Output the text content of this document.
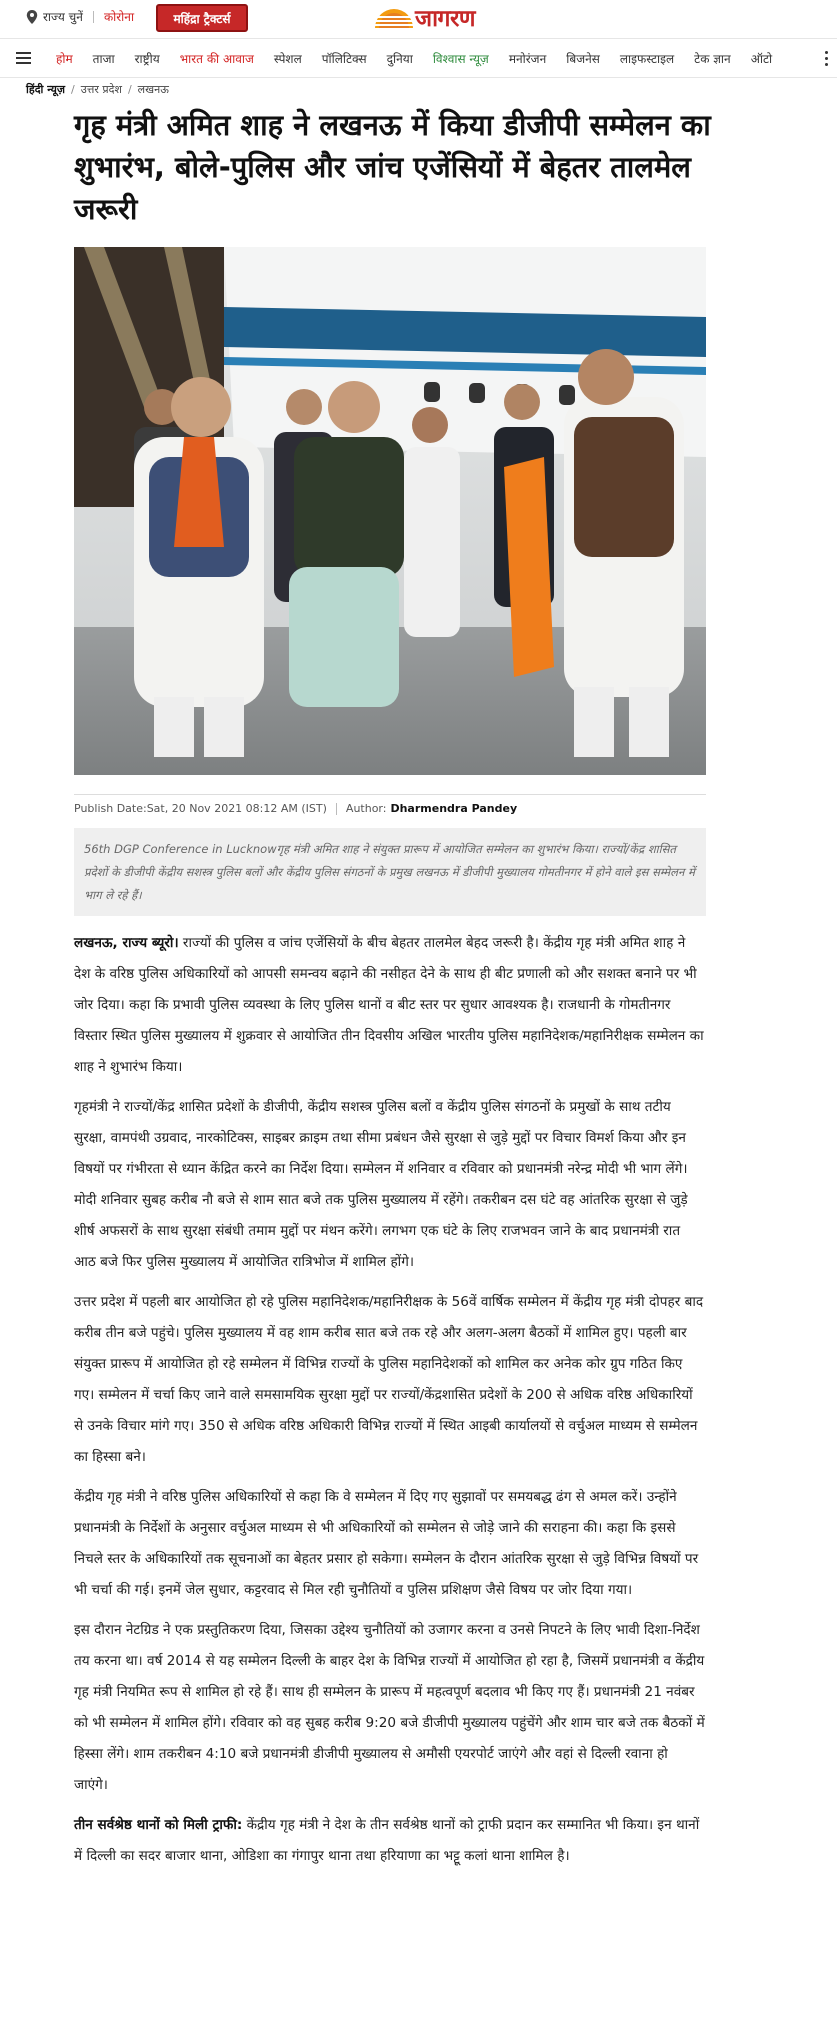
राज्य चुनें कोरोना	महिंद्रा ट्रैक्टर्स	जागरण
होम	ताजा	राष्ट्रीय	भारत की आवाज	स्पेशल	पॉलिटिक्स	दुनिया	विश्वास न्यूज़	मनोरंजन	बिजनेस	लाइफस्टाइल	टेक ज्ञान	ऑटो
हिंदी न्यूज़ / उत्तर प्रदेश / लखनऊ
गृह मंत्री अमित शाह ने लखनऊ में किया डीजीपी सम्मेलन का शुभारंभ, बोले-पुलिस और जांच एजेंसियों में बेहतर तालमेल जरूरी
Publish Date:Sat, 20 Nov 2021 08:12 AM (IST) Author: Dharmendra Pandey
56th DGP Conference in Lucknowगृह मंत्री अमित शाह ने संयुक्त प्रारूप में आयोजित सम्मेलन का शुभारंभ किया। राज्यों/केंद्र शासित प्रदेशों के डीजीपी केंद्रीय सशस्त्र पुलिस बलों और केंद्रीय पुलिस संगठनों के प्रमुख लखनऊ में डीजीपी मुख्यालय गोमतीनगर में होने वाले इस सम्मेलन में भाग ले रहे हैं।

लखनऊ, राज्य ब्यूरो। राज्यों की पुलिस व जांच एजेंसियों के बीच बेहतर तालमेल बेहद जरूरी है। केंद्रीय गृह मंत्री अमित शाह ने देश के वरिष्ठ पुलिस अधिकारियों को आपसी समन्वय बढ़ाने की नसीहत देने के साथ ही बीट प्रणाली को और सशक्त बनाने पर भी जोर दिया। कहा कि प्रभावी पुलिस व्यवस्था के लिए पुलिस थानों व बीट स्तर पर सुधार आवश्यक है। राजधानी के गोमतीनगर विस्तार स्थित पुलिस मुख्यालय में शुक्रवार से आयोजित तीन दिवसीय अखिल भारतीय पुलिस महानिदेशक/महानिरीक्षक सम्मेलन का शाह ने शुभारंभ किया।

गृहमंत्री ने राज्यों/केंद्र शासित प्रदेशों के डीजीपी, केंद्रीय सशस्त्र पुलिस बलों व केंद्रीय पुलिस संगठनों के प्रमुखों के साथ तटीय सुरक्षा, वामपंथी उग्रवाद, नारकोटिक्स, साइबर क्राइम तथा सीमा प्रबंधन जैसे सुरक्षा से जुड़े मुद्दों पर विचार विमर्श किया और इन विषयों पर गंभीरता से ध्यान केंद्रित करने का निर्देश दिया। सम्मेलन में शनिवार व रविवार को प्रधानमंत्री नरेन्द्र मोदी भी भाग लेंगे। मोदी शनिवार सुबह करीब नौ बजे से शाम सात बजे तक पुलिस मुख्यालय में रहेंगे। तकरीबन दस घंटे वह आंतरिक सुरक्षा से जुड़े शीर्ष अफसरों के साथ सुरक्षा संबंधी तमाम मुद्दों पर मंथन करेंगे। लगभग एक घंटे के लिए राजभवन जाने के बाद प्रधानमंत्री रात आठ बजे फिर पुलिस मुख्यालय में आयोजित रात्रिभोज में शामिल होंगे।

उत्तर प्रदेश में पहली बार आयोजित हो रहे पुलिस महानिदेशक/महानिरीक्षक के 56वें वार्षिक सम्मेलन में केंद्रीय गृह मंत्री दोपहर बाद करीब तीन बजे पहुंचे। पुलिस मुख्यालय में वह शाम करीब सात बजे तक रहे और अलग-अलग बैठकों में शामिल हुए। पहली बार संयुक्त प्रारूप में आयोजित हो रहे सम्मेलन में विभिन्न राज्यों के पुलिस महानिदेशकों को शामिल कर अनेक कोर ग्रुप गठित किए गए। सम्मेलन में चर्चा किए जाने वाले समसामयिक सुरक्षा मुद्दों पर राज्यों/केंद्रशासित प्रदेशों के 200 से अधिक वरिष्ठ अधिकारियों से उनके विचार मांगे गए। 350 से अधिक वरिष्ठ अधिकारी विभिन्न राज्यों में स्थित आइबी कार्यालयों से वर्चुअल माध्यम से सम्मेलन का हिस्सा बने।

केंद्रीय गृह मंत्री ने वरिष्ठ पुलिस अधिकारियों से कहा कि वे सम्मेलन में दिए गए सुझावों पर समयबद्ध ढंग से अमल करें। उन्होंने प्रधानमंत्री के निर्देशों के अनुसार वर्चुअल माध्यम से भी अधिकारियों को सम्मेलन से जोड़े जाने की सराहना की। कहा कि इससे निचले स्तर के अधिकारियों तक सूचनाओं का बेहतर प्रसार हो सकेगा। सम्मेलन के दौरान आंतरिक सुरक्षा से जुड़े विभिन्न विषयों पर भी चर्चा की गई। इनमें जेल सुधार, कट्टरवाद से मिल रही चुनौतियों व पुलिस प्रशिक्षण जैसे विषय पर जोर दिया गया।

इस दौरान नेटग्रिड ने एक प्रस्तुतिकरण दिया, जिसका उद्देश्य चुनौतियों को उजागर करना व उनसे निपटने के लिए भावी दिशा-निर्देश तय करना था। वर्ष 2014 से यह सम्मेलन दिल्ली के बाहर देश के विभिन्न राज्यों में आयोजित हो रहा है, जिसमें प्रधानमंत्री व केंद्रीय गृह मंत्री नियमित रूप से शामिल हो रहे हैं। साथ ही सम्मेलन के प्रारूप में महत्वपूर्ण बदलाव भी किए गए हैं। प्रधानमंत्री 21 नवंबर को भी सम्मेलन में शामिल होंगे। रविवार को वह सुबह करीब 9:20 बजे डीजीपी मुख्यालय पहुंचेंगे और शाम चार बजे तक बैठकों में हिस्सा लेंगे। शाम तकरीबन 4:10 बजे प्रधानमंत्री डीजीपी मुख्यालय से अमौसी एयरपोर्ट जाएंगे और वहां से दिल्ली रवाना हो जाएंगे।

तीन सर्वश्रेष्ठ थानों को मिली ट्राफी: केंद्रीय गृह मंत्री ने देश के तीन सर्वश्रेष्ठ थानों को ट्राफी प्रदान कर सम्मानित भी किया। इन थानों में दिल्ली का सदर बाजार थाना, ओडिशा का गंगापुर थाना तथा हरियाणा का भट्टू कलां थाना शामिल है।
